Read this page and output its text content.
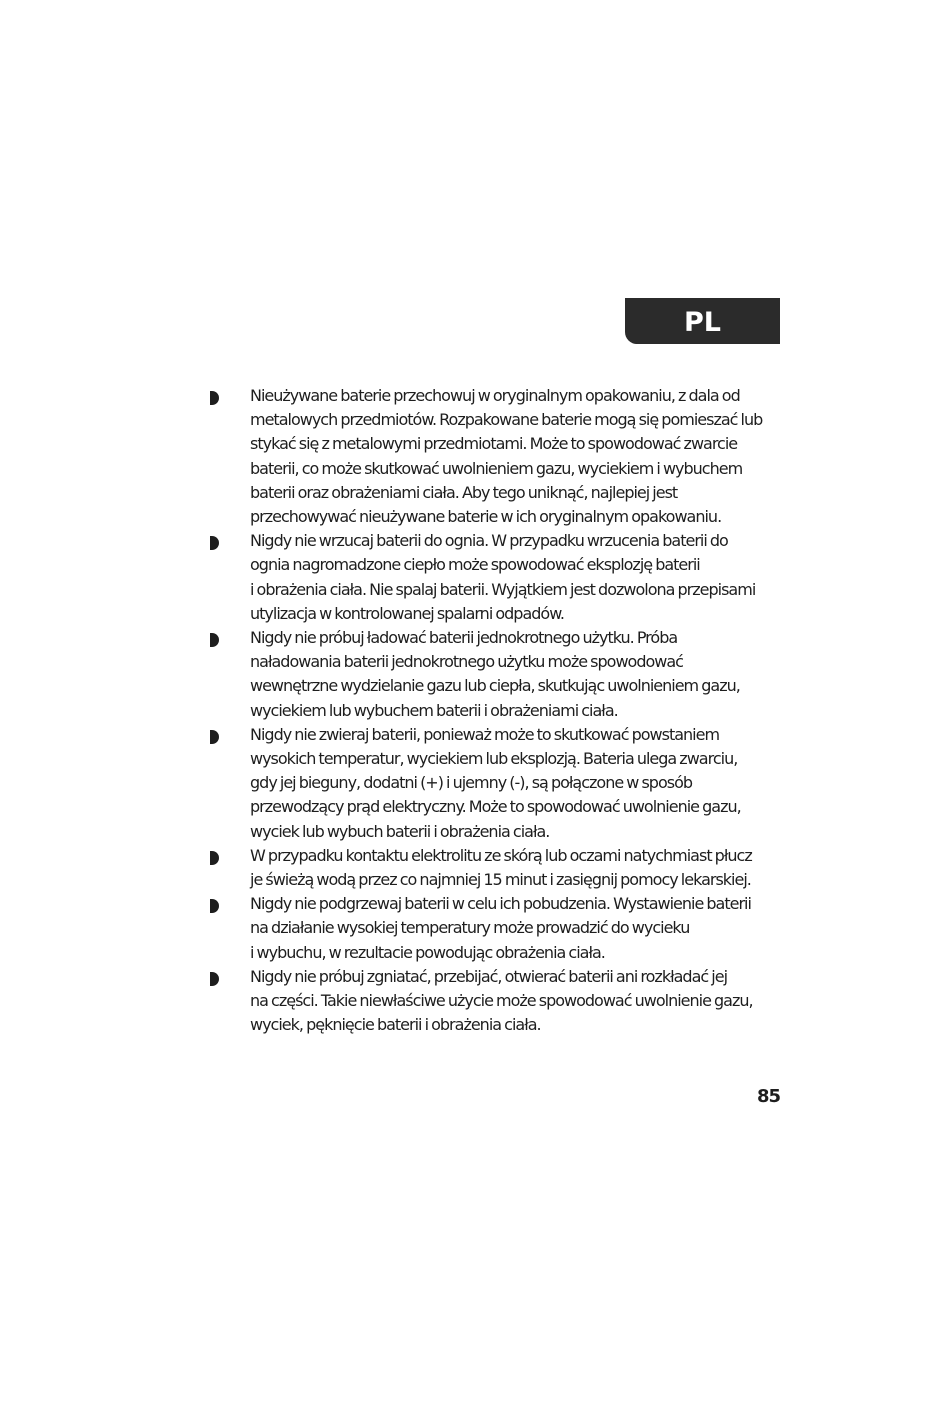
PL

Nieużywane baterie przechowuj w oryginalnym opakowaniu, z dala od
metalowych przedmiotów. Rozpakowane baterie mogą się pomieszać lub
stykać się z metalowymi przedmiotami. Może to spowodować zwarcie
baterii, co może skutkować uwolnieniem gazu, wyciekiem i wybuchem
baterii oraz obrażeniami ciała. Aby tego uniknąć, najlepiej jest
przechowywać nieużywane baterie w ich oryginalnym opakowaniu.

Nigdy nie wrzucaj baterii do ognia. W przypadku wrzucenia baterii do
ognia nagromadzone ciepło może spowodować eksplozję baterii
i obrażenia ciała. Nie spalaj baterii. Wyjątkiem jest dozwolona przepisami
utylizacja w kontrolowanej spalarni odpadów.

Nigdy nie próbuj ładować baterii jednokrotnego użytku. Próba
naładowania baterii jednokrotnego użytku może spowodować
wewnętrzne wydzielanie gazu lub ciepła, skutkując uwolnieniem gazu,
wyciekiem lub wybuchem baterii i obrażeniami ciała.

Nigdy nie zwieraj baterii, ponieważ może to skutkować powstaniem
wysokich temperatur, wyciekiem lub eksplozją. Bateria ulega zwarciu,
gdy jej bieguny, dodatni (+) i ujemny (-), są połączone w sposób
przewodzący prąd elektryczny. Może to spowodować uwolnienie gazu,
wyciek lub wybuch baterii i obrażenia ciała.

W przypadku kontaktu elektrolitu ze skórą lub oczami natychmiast płucz
je świeżą wodą przez co najmniej 15 minut i zasięgnij pomocy lekarskiej.

Nigdy nie podgrzewaj baterii w celu ich pobudzenia. Wystawienie baterii
na działanie wysokiej temperatury może prowadzić do wycieku
i wybuchu, w rezultacie powodując obrażenia ciała.

Nigdy nie próbuj zgniatać, przebijać, otwierać baterii ani rozkładać jej
na części. Takie niewłaściwe użycie może spowodować uwolnienie gazu,
wyciek, pęknięcie baterii i obrażenia ciała.

85
